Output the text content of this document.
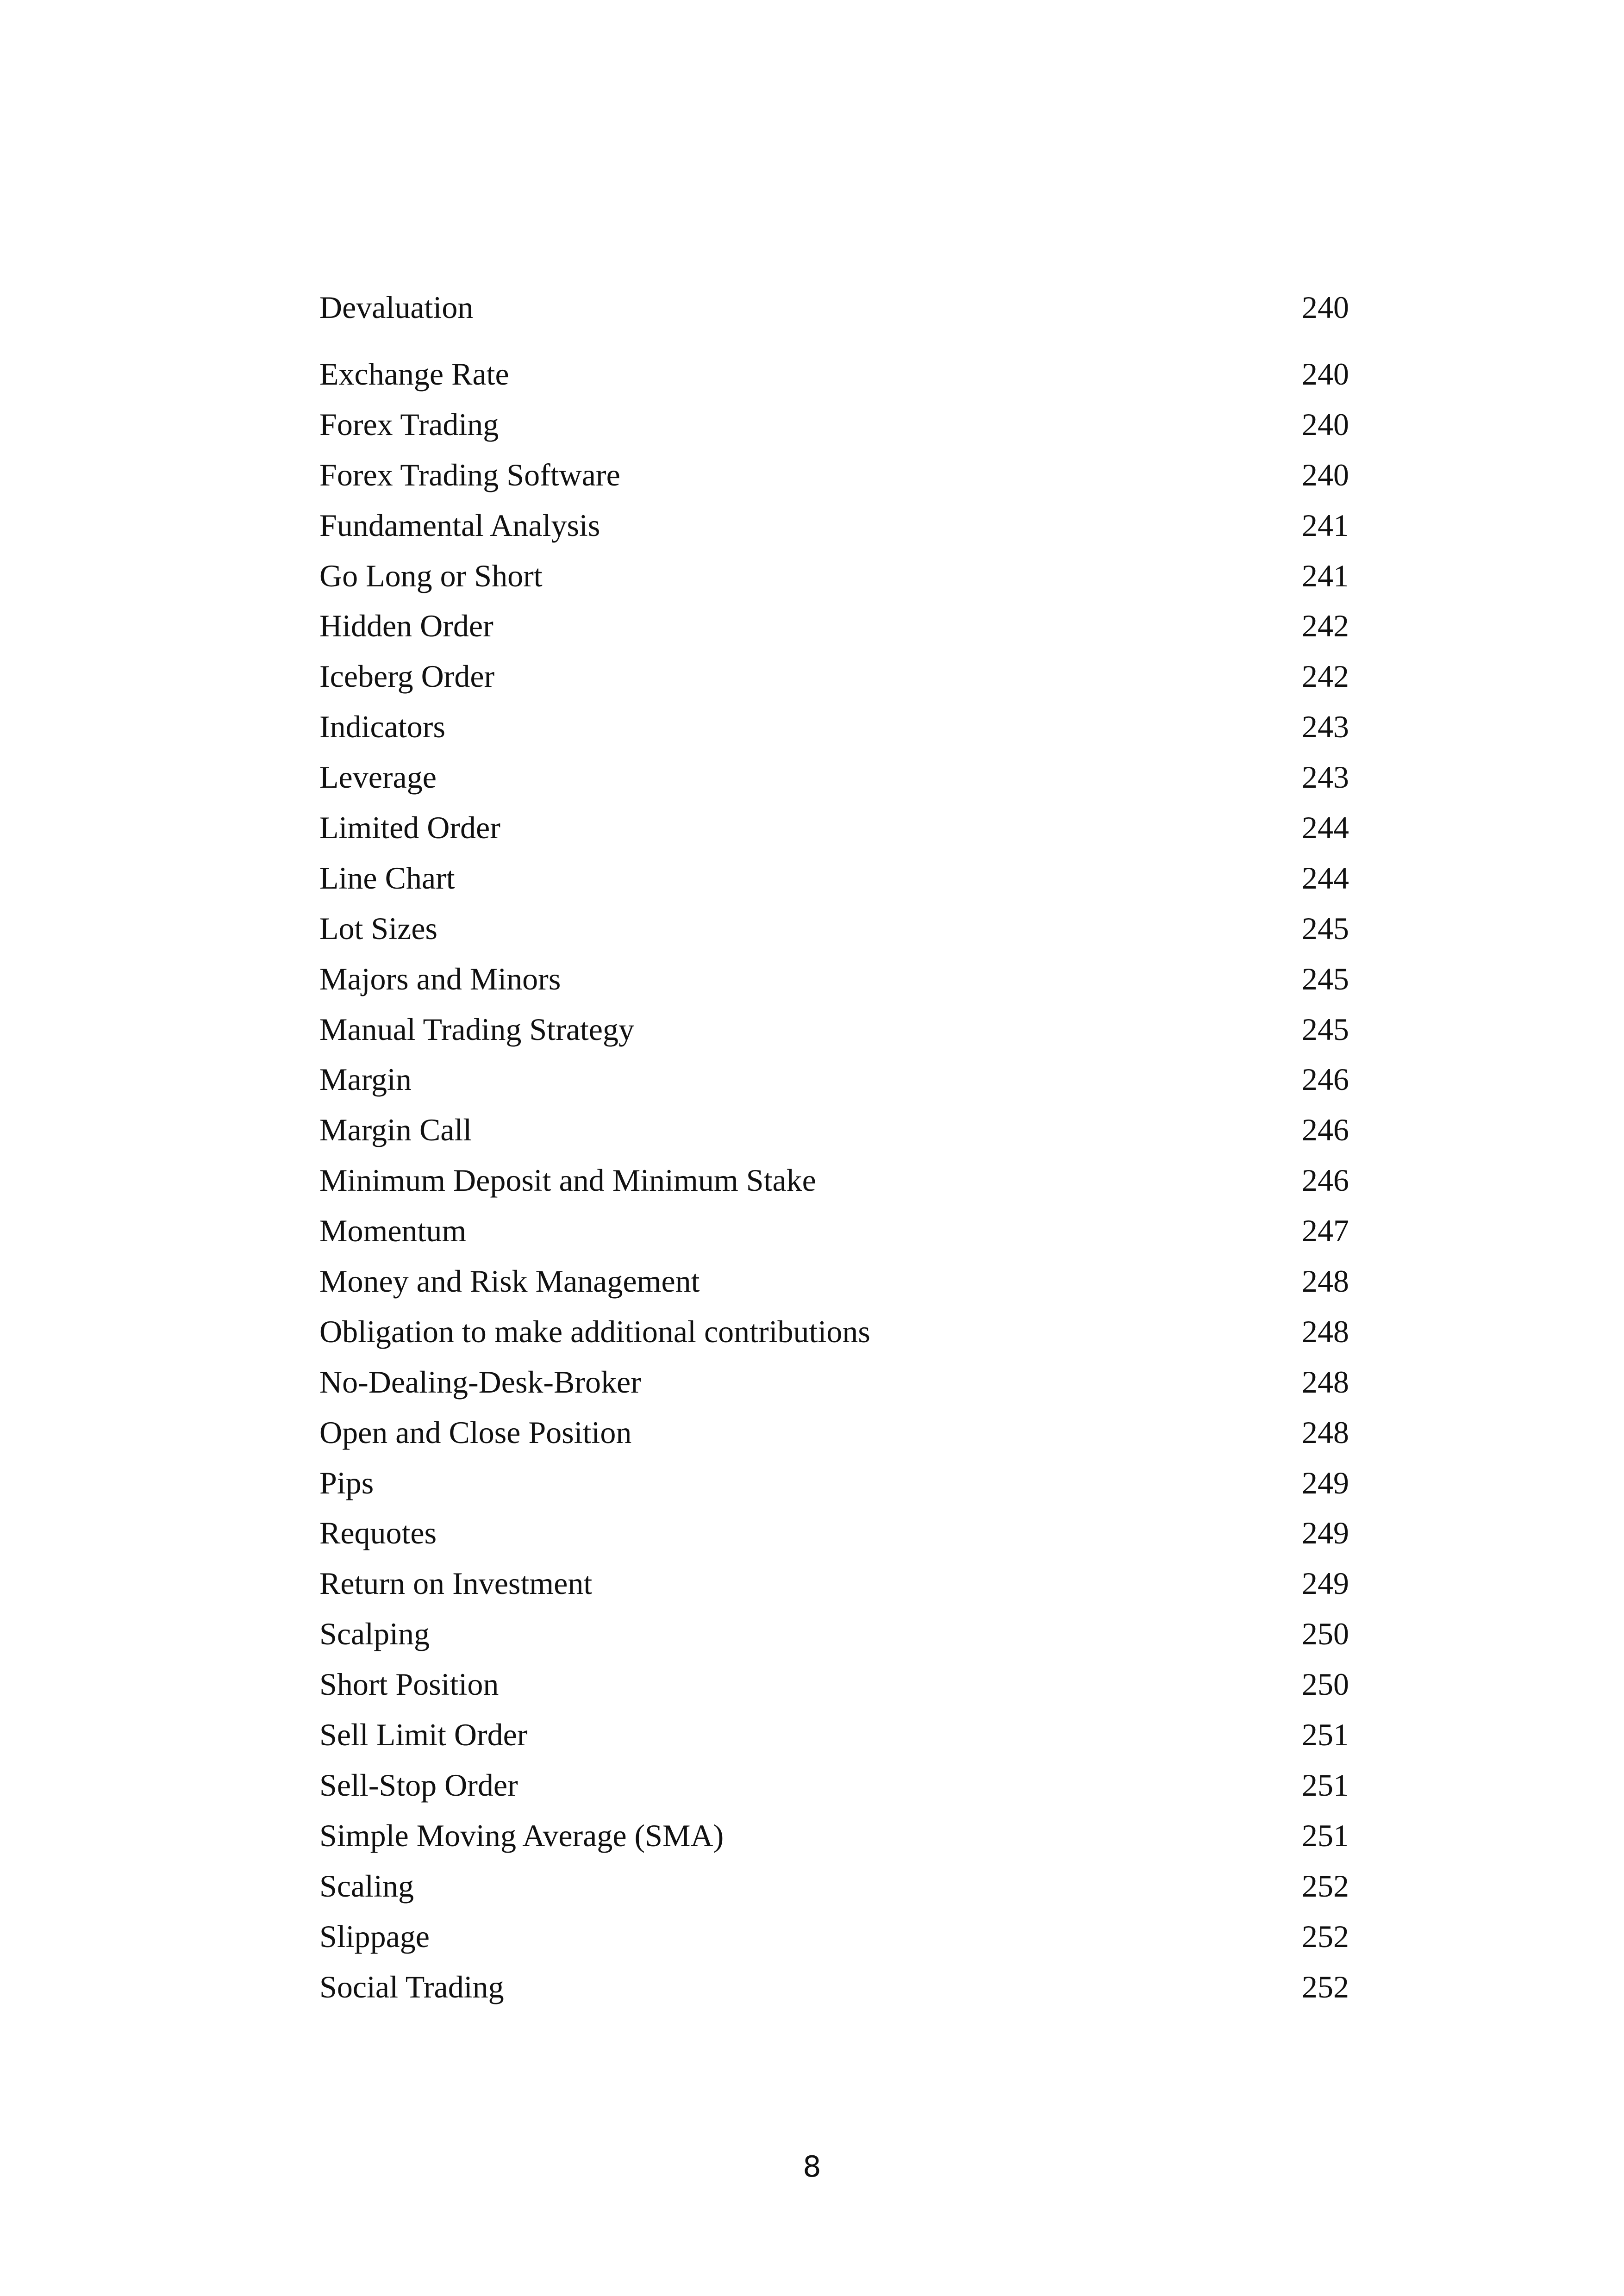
Devaluation	240
Exchange Rate	240
Forex Trading	240
Forex Trading Software	240
Fundamental Analysis	241
Go Long or Short	241
Hidden Order	242
Iceberg Order	242
Indicators	243
Leverage	243
Limited Order	244
Line Chart	244
Lot Sizes	245
Majors and Minors	245
Manual Trading Strategy	245
Margin	246
Margin Call	246
Minimum Deposit and Minimum Stake	246
Momentum	247
Money and Risk Management	248
Obligation to make additional contributions	248
No-Dealing-Desk-Broker	248
Open and Close Position	248
Pips	249
Requotes	249
Return on Investment	249
Scalping	250
Short Position	250
Sell Limit Order	251
Sell-Stop Order	251
Simple Moving Average (SMA)	251
Scaling	252
Slippage	252
Social Trading	252
8
